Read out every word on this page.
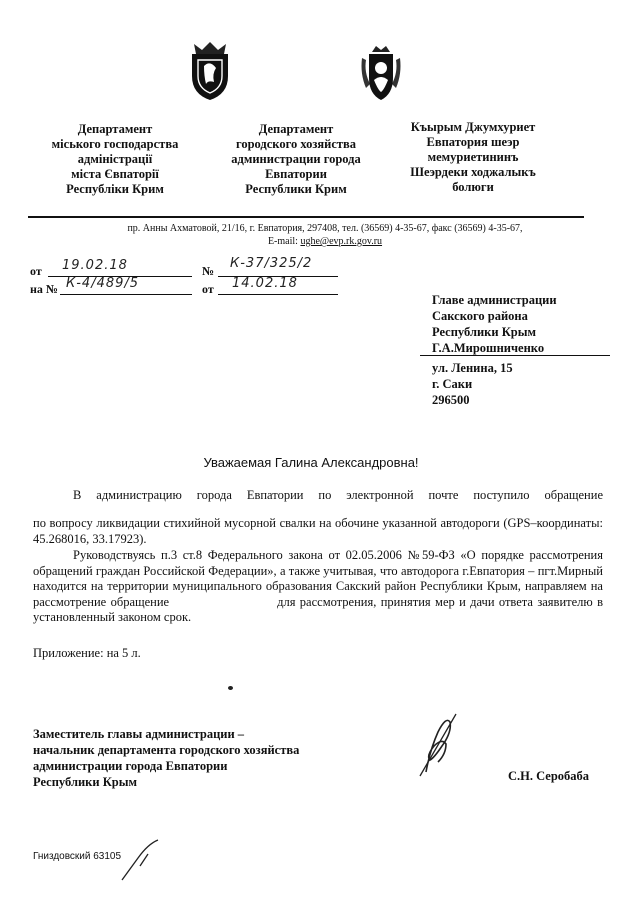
Департамент
міського господарства
адміністрації
міста Євпаторії
Республіки Крим
Департамент
городского хозяйства
администрации города
Евпатории
Республики Крим
Къырым Джумхуриет
Евпатория шеэр
мемуриетининъ
Шеэрдеки ходжалыкъ
болюги
пр. Анны Ахматовой, 21/16, г. Евпатория, 297408, тел. (36569) 4-35-67, факс (36569) 4-35-67,
E-mail: ughe@evp.rk.gov.ru
от 19.02.18	№ К-37/325/2
на № К-4/489/5	от 14.02.18
Главе администрации
Сакского района
Республики Крым
Г.А.Мирошниченко
ул. Ленина, 15
г. Саки
296500
Уважаемая Галина Александровна!
В администрацию города Евпатории по электронной почте поступило обращение
по вопросу ликвидации стихийной мусорной свалки на обочине указанной автодороги (GPS–координаты: 45.268016, 33.17923).
Руководствуясь п.3 ст.8 Федерального закона от 02.05.2006 №59-ФЗ «О порядке рассмотрения обращений граждан Российской Федерации», а также учитывая, что автодорога г.Евпатория – пгт.Мирный находится на территории муниципального образования Сакский район Республики Крым, направляем на рассмотрение обращение	для рассмотрения, принятия мер и дачи ответа заявителю в установленный законом срок.
Приложение: на 5 л.
Заместитель главы администрации –
начальник департамента городского хозяйства
администрации города Евпатории
Республики Крым	С.Н. Серобаба
Гниздовский 63105
